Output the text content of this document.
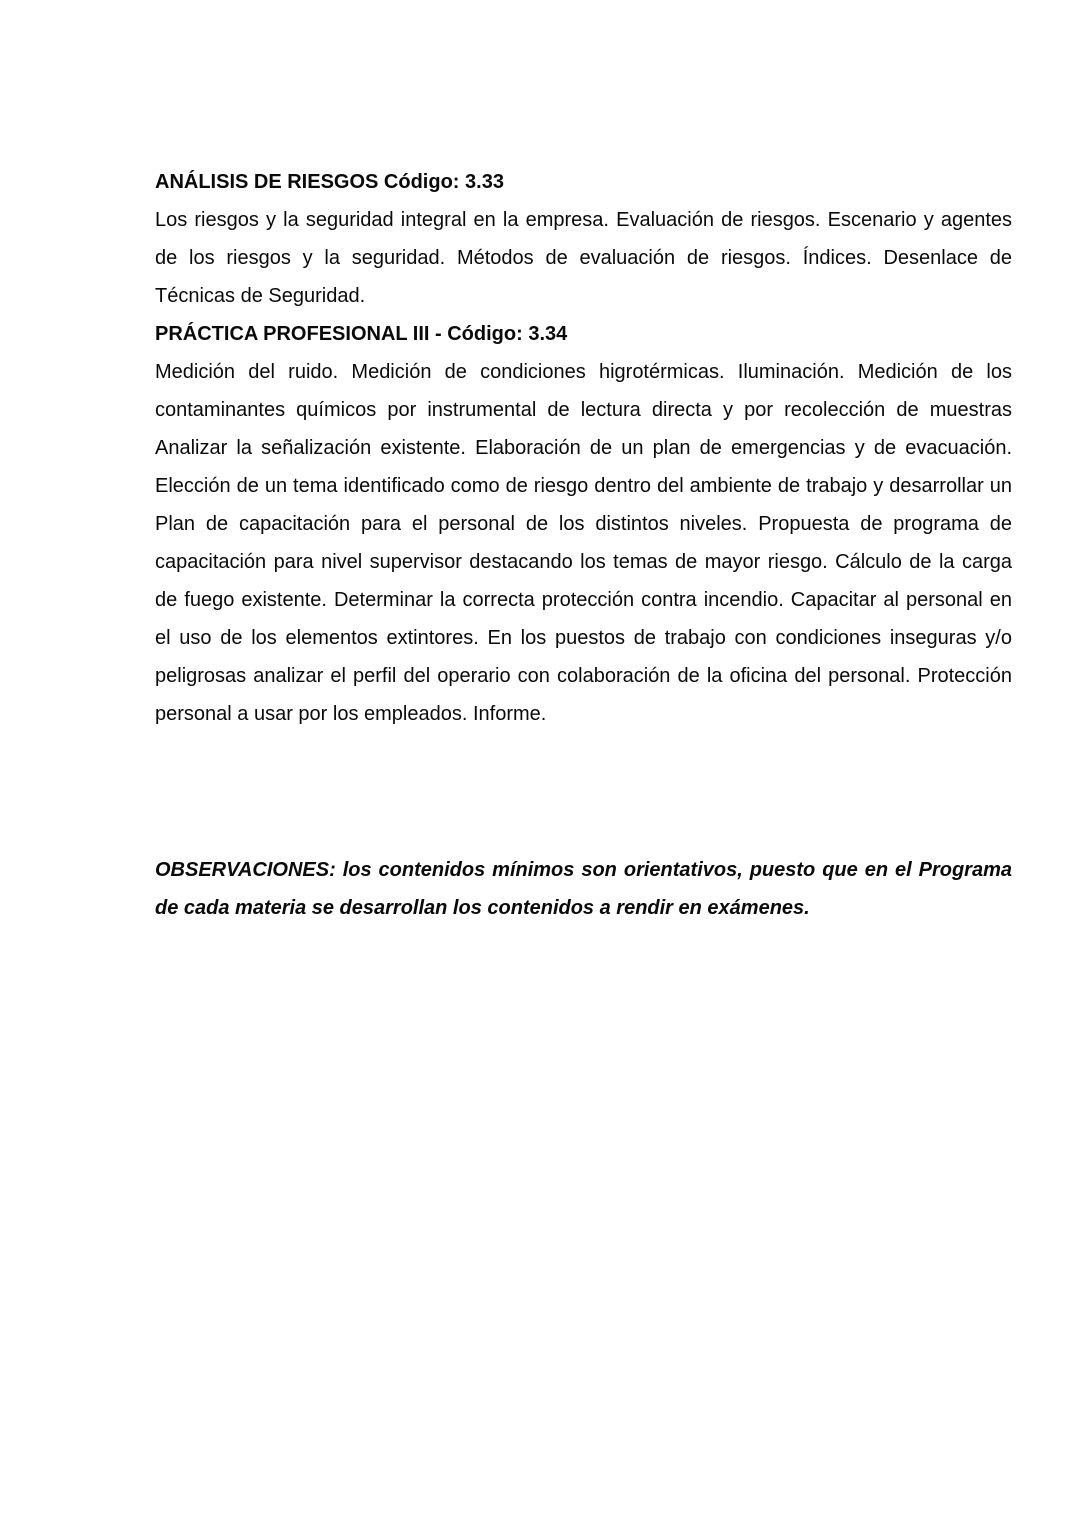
ANÁLISIS DE RIESGOS Código: 3.33
Los riesgos y la seguridad integral en la empresa. Evaluación de riesgos. Escenario y agentes de los riesgos y la seguridad. Métodos de evaluación de riesgos. Índices. Desenlace de Técnicas de Seguridad.
PRÁCTICA PROFESIONAL III - Código: 3.34
Medición del ruido. Medición de condiciones higrotérmicas. Iluminación. Medición de los contaminantes químicos por instrumental de lectura directa y por recolección de muestras Analizar la señalización existente. Elaboración de un plan de emergencias y de evacuación. Elección de un tema identificado como de riesgo dentro del ambiente de trabajo y desarrollar un Plan de capacitación para el personal de los distintos niveles. Propuesta de programa de capacitación para nivel supervisor destacando los temas de mayor riesgo. Cálculo de la carga de fuego existente. Determinar la correcta protección contra incendio. Capacitar al personal en el uso de los elementos extintores. En los puestos de trabajo con condiciones inseguras y/o peligrosas analizar el perfil del operario con colaboración de la oficina del personal. Protección personal a usar por los empleados. Informe.
OBSERVACIONES: los contenidos mínimos son orientativos, puesto que en el Programa de cada materia se desarrollan los contenidos a rendir en exámenes.
